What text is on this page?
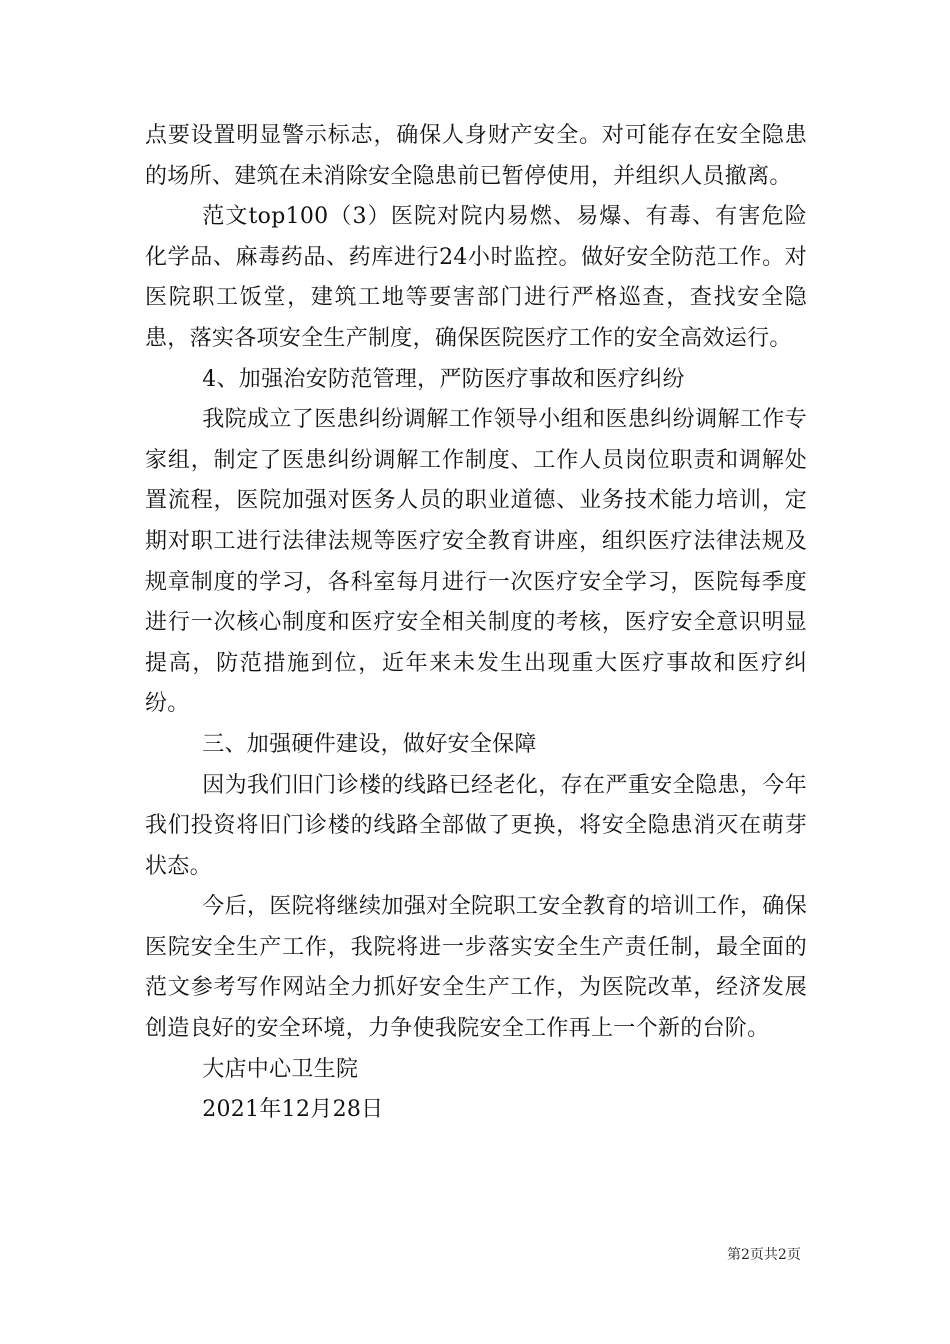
点要设置明显警示标志，确保人身财产安全。对可能存在安全隐患的场所、建筑在未消除安全隐患前已暂停使用，并组织人员撤离。

范文top100（3）医院对院内易燃、易爆、有毒、有害危险化学品、麻毒药品、药库进行24小时监控。做好安全防范工作。对医院职工饭堂，建筑工地等要害部门进行严格巡查，查找安全隐患，落实各项安全生产制度，确保医院医疗工作的安全高效运行。

4、加强治安防范管理，严防医疗事故和医疗纠纷

我院成立了医患纠纷调解工作领导小组和医患纠纷调解工作专家组，制定了医患纠纷调解工作制度、工作人员岗位职责和调解处置流程，医院加强对医务人员的职业道德、业务技术能力培训，定期对职工进行法律法规等医疗安全教育讲座，组织医疗法律法规及规章制度的学习，各科室每月进行一次医疗安全学习，医院每季度进行一次核心制度和医疗安全相关制度的考核，医疗安全意识明显提高，防范措施到位，近年来未发生出现重大医疗事故和医疗纠纷。

三、加强硬件建设，做好安全保障

因为我们旧门诊楼的线路已经老化，存在严重安全隐患，今年我们投资将旧门诊楼的线路全部做了更换，将安全隐患消灭在萌芽状态。

今后，医院将继续加强对全院职工安全教育的培训工作，确保医院安全生产工作，我院将进一步落实安全生产责任制，最全面的范文参考写作网站全力抓好安全生产工作，为医院改革，经济发展创造良好的安全环境，力争使我院安全工作再上一个新的台阶。

大店中心卫生院

2021年12月28日

第2页共2页
